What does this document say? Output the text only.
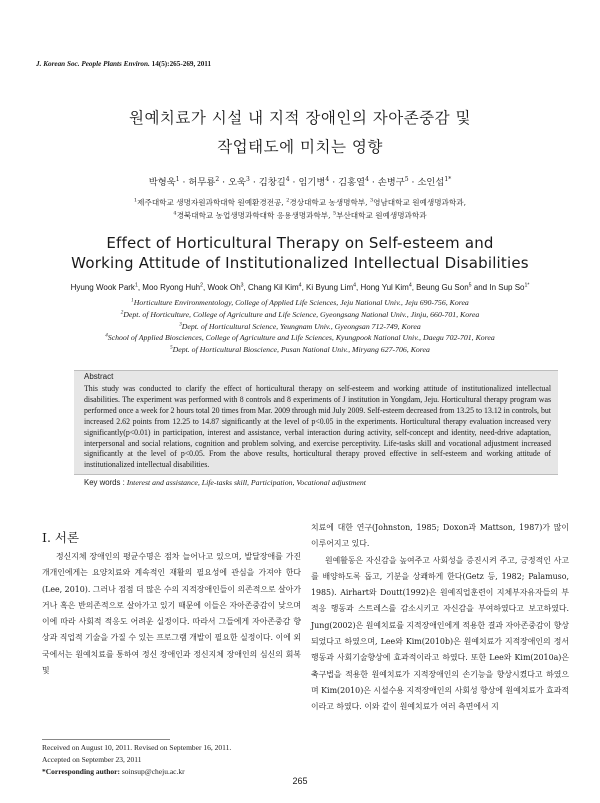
J. Korean Soc. People Plants Environ. 14(5):265-269, 2011
원예치료가 시설 내 지적 장애인의 자아존중감 및
작업태도에 미치는 영향
박형욱$^1$ · 허무룡$^2$ · 오욱$^3$ · 김창길$^4$ · 임기병$^4$ · 김홍열$^4$ · 손병구$^5$ · 소인섭$^{1*}$
$^1$제주대학교 생명자원과학대학 원예환경전공, $^2$경상대학교 농생명학부, $^3$영남대학교 원예생명과학과,
$^4$경북대학교 농업생명과학대학 응용생명과학부, $^5$부산대학교 원예생명과학과
Effect of Horticultural Therapy on Self-esteem and
Working Attitude of Institutionalized Intellectual Disabilities
Hyung Wook Park$^1$, Moo Ryong Huh$^2$, Wook Oh$^3$, Chang Kil Kim$^4$, Ki Byung Lim$^4$, Hong Yul Kim$^4$, Beung Gu Son$^5$ and In Sup $So^{1*}$
$^1$Horticulture Environmentology, College of Applied Life Sciences, Jeju National Univ., Jeju 690-756, Korea
$^2$Dept. of Horticulture, College of Agriculture and Life Science, Gyeongsang National Univ., Jinju, 660-701, Korea
$^3$Dept. of Horticultural Science, Yeungnam Univ., Gyeongsan 712-749, Korea
$^4$School of Applied Biosciences, College of Agriculture and Life Sciences, Kyungpook National Univ., Daegu 702-701, Korea
$^5$Dept. of Horticultural Bioscience, Pusan National Univ., Miryang 627-706, Korea
Abstract
This study was conducted to clarify the effect of horticultural therapy on self-esteem and working attitude of institutionalized intellectual disabilities. The experiment was performed with 8 controls and 8 experiments of J institution in Yongdam, Jeju. Horticultural therapy program was performed once a week for 2 hours total 20 times from Mar. 2009 through mid July 2009. Self-esteem decreased from 13.25 to 13.12 in controls, but increased 2.62 points from 12.25 to 14.87 significantly at the level of p<0.05 in the experiments. Horticultural therapy evaluation increased very significantly(p<0.01) in participation, interest and assistance, verbal interaction during activity, self-concept and identity, need-drive adaptation, interpersonal and social relations, cognition and problem solving, and exercise perceptivity. Life-tasks skill and vocational adjustment increased significantly at the level of p<0.05. From the above results, horticultural therapy proved effective in self-esteem and working attitude of institutionalized intellectual disabilities.
Key words : Interest and assistance, Life-tasks skill, Participation, Vocational adjustment
Ⅰ. 서론

정신지체 장애인의 평균수명은 점차 늘어나고 있으며, 발달장애를 가진 개개인에게는 요양치료와 계속적인 재활의 필요성에 관심을 가져야 한다(Lee, 2010). 그러나 점점 더 많은 수의 지적장애인들이 의존적으로 살아가거나 혹은 반의존적으로 살아가고 있기 때문에 이들은 자아존중감이 낮으며 이에 따라 사회적 적응도 어려운 실정이다. 따라서 그들에게 자아존중감 향상과 직업적 기술을 가질 수 있는 프로그램 개발이 필요한 실정이다. 이에 외국에서는 원예치료를 통하여 정신 장애인과 정신지체 장애인의 심신의 회복 및

치료에 대한 연구(Johnston, 1985; Doxon과 Mattson, 1987)가 많이 이루어지고 있다.

원예활동은 자신감을 높여주고 사회성을 증진시켜 주고, 긍정적인 사고를 배양하도록 돕고, 기분을 상쾌하게 한다(Getz 등, 1982; Palamuso, 1985). Airhart와 Doutt(1992)은 원예직업훈련이 지체부자유자들의 부적응 행동과 스트레스를 감소시키고 자신감을 부여하였다고 보고하였다. Jung(2002)은 원예치료를 지적장애인에게 적용한 결과 자아존중감이 향상되었다고 하였으며, Lee와 Kim(2010b)은 원예치료가 지적장애인의 정서행동과 사회기술향상에 효과적이라고 하였다. 또한 Lee와 Kim(2010a)은 축구법을 적용한 원예치료가 지적장애인의 손기능을 향상시켰다고 하였으며 Kim(2010)은 시설수용 지적장애인의 사회성 향상에 원예치료가 효과적이라고 하였다. 이와 같이 원예치료가 여러 측면에서 지

Received on August 10, 2011. Revised on September 16, 2011.
Accepted on September 23, 2011
*Corresponding author: soinsup@cheju.ac.kr
265
